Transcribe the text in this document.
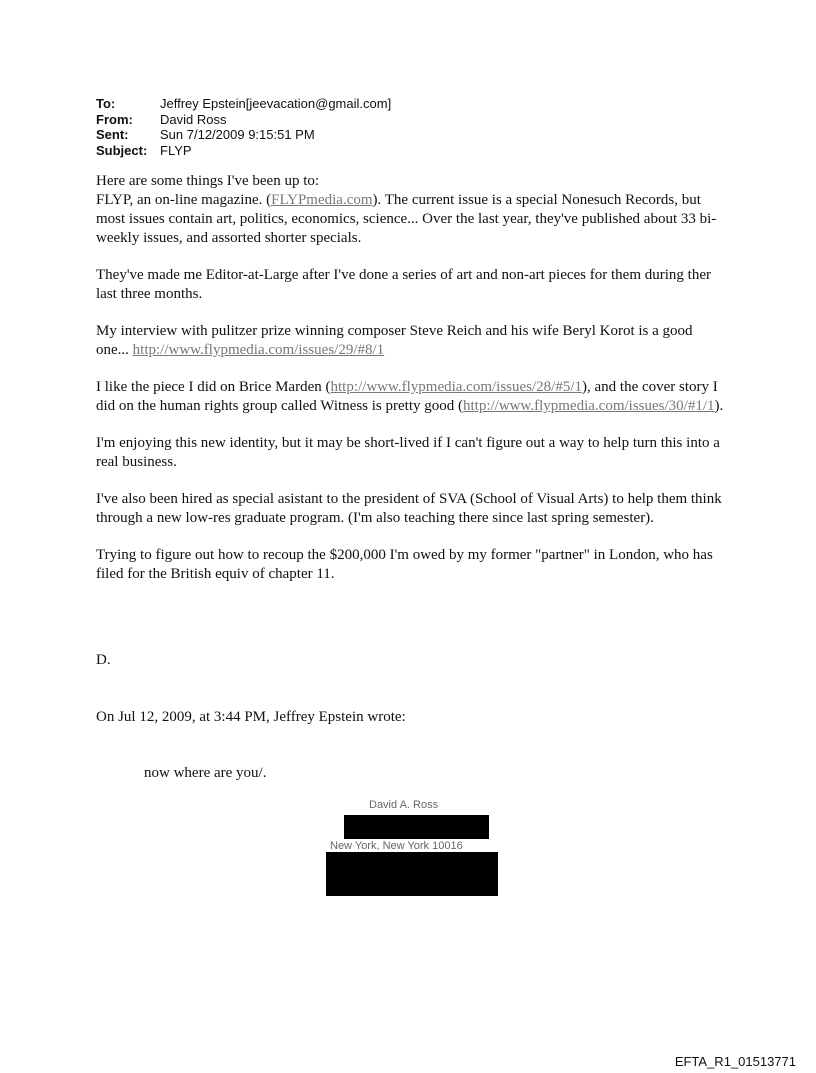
To:	Jeffrey Epstein[jeevacation@gmail.com]
From:	David Ross
Sent:	Sun 7/12/2009 9:15:51 PM
Subject: FLYP

Here are some things I've been up to:
FLYP, an on-line magazine. (FLYPmedia.com). The current issue is a special Nonesuch Records, but most issues contain art, politics, economics, science... Over the last year, they've published about 33 bi-weekly issues, and assorted shorter specials.

They've made me Editor-at-Large after I've done a series of art and non-art pieces for them during ther last three months.

My interview with pulitzer prize winning composer Steve Reich and his wife Beryl Korot is a good one... http://www.flypmedia.com/issues/29/#8/1

I like the piece I did on Brice Marden (http://www.flypmedia.com/issues/28/#5/1), and the cover story I did on the human rights group called Witness is pretty good (http://www.flypmedia.com/issues/30/#1/1).

I'm enjoying this new identity, but it may be short-lived if I can't figure out a way to help turn this into a real business.

I've also been hired as special asistant to the president of SVA (School of Visual Arts) to help them think through a new low-res graduate program. (I'm also teaching there since last spring semester).

Trying to figure out how to recoup the $200,000 I'm owed by my former "partner" in London, who has filed for the British equiv of chapter 11.

D.
On Jul 12, 2009, at 3:44 PM, Jeffrey Epstein wrote:
now where are you/.
David A. Ross
New York, New York 10016
EFTA_R1_01513771
